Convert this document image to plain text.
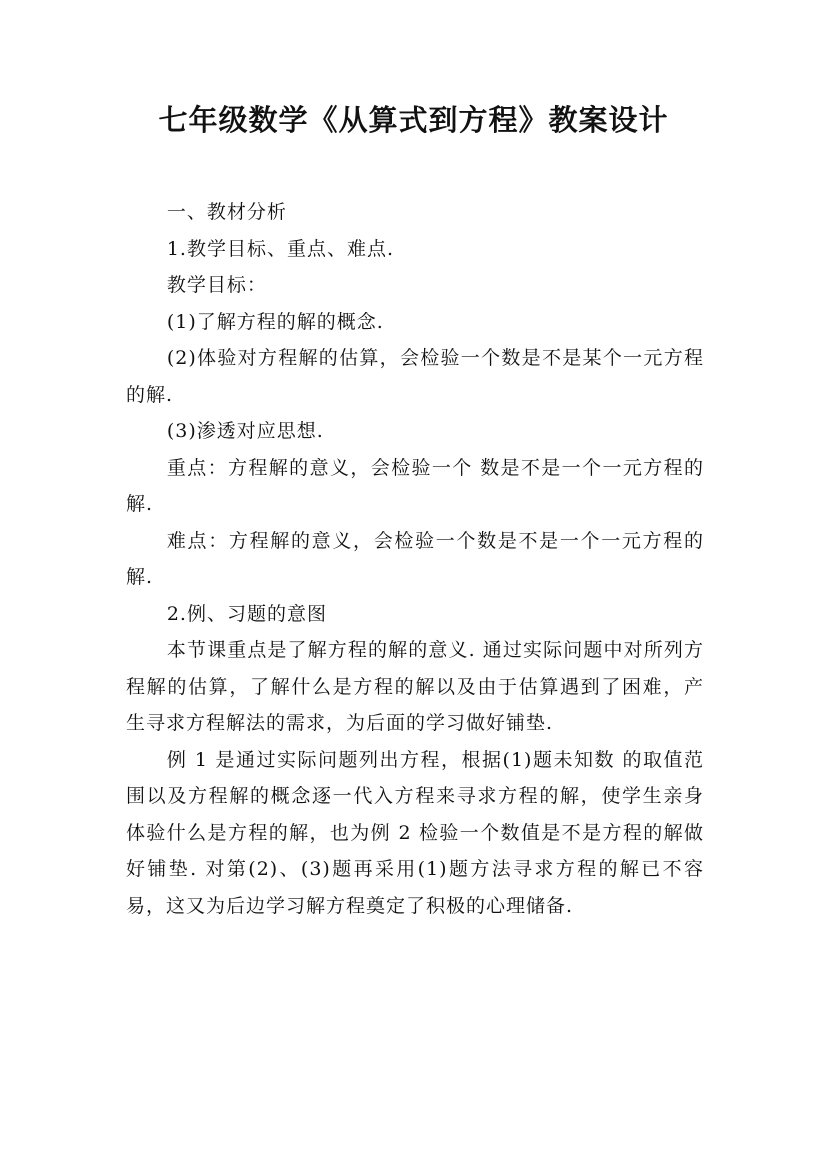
七年级数学《从算式到方程》教案设计

一、教材分析

1.教学目标、重点、难点.

教学目标：

(1)了解方程的解的概念.

(2)体验对方程解的估算，会检验一个数是不是某个一元方程的解.

(3)渗透对应思想.

重点：方程解的意义，会检验一个 数是不是一个一元方程的解.

难点：方程解的意义，会检验一个数是不是一个一元方程的解.

2.例、习题的意图

本节课重点是了解方程的解的意义. 通过实际问题中对所列方程解的估算，了解什么是方程的解以及由于估算遇到了困难，产生寻求方程解法的需求，为后面的学习做好铺垫.

例 1 是通过实际问题列出方程，根据(1)题未知数 的取值范围以及方程解的概念逐一代入方程来寻求方程的解，使学生亲身体验什么是方程的解，也为例 2 检验一个数值是不是方程的解做好铺垫. 对第(2)、(3)题再采用(1)题方法寻求方程的解已不容易，这又为后边学习解方程奠定了积极的心理储备.
